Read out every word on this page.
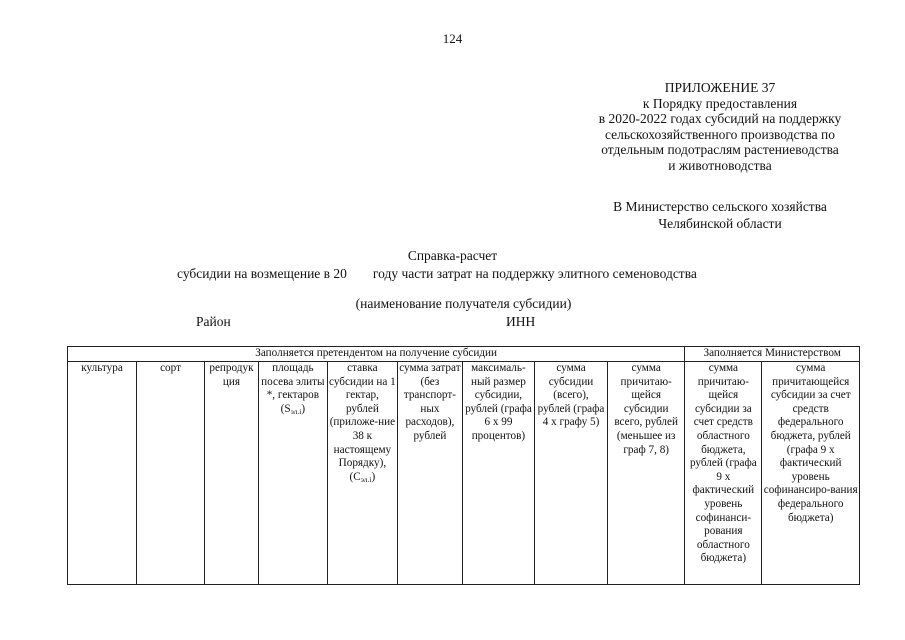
124
ПРИЛОЖЕНИЕ 37
к Порядку предоставления
в 2020-2022 годах субсидий на поддержку
сельскохозяйственного производства по
отдельным подотраслям растениеводства
и животноводства
В Министерство сельского хозяйства
Челябинской области
Справка-расчет
субсидии на возмещение в 20 году части затрат на поддержку элитного семеноводства
(наименование получателя субсидии)
Район	ИНН
Заполняется претендентом на получение субсидии									Заполняется Министерством	
культура	сорт	репродук ция	площадь посева элиты *, гектаров $(S_{эл.i})$	ставка субсидии на 1 гектар, рублей (приложе-ние 38 к настоящему Порядку), $(С_{эл.i})$	сумма затрат (без транспорт-ных расходов), рублей	максималь-ный размер субсидии, рублей (графа 6 х 99 процентов)	сумма субсидии (всего), рублей (графа 4 х графу 5)	сумма причитаю-щейся субсидии всего, рублей (меньшее из граф 7, 8)	сумма причитаю-щейся субсидии за счет средств областного бюджета, рублей (графа 9 х фактический уровень софинанси-рования областного бюджета)	сумма причитающейся субсидии за счет средств федерального бюджета, рублей (графа 9 х фактический уровень софинансиро-вания федерального бюджета)
